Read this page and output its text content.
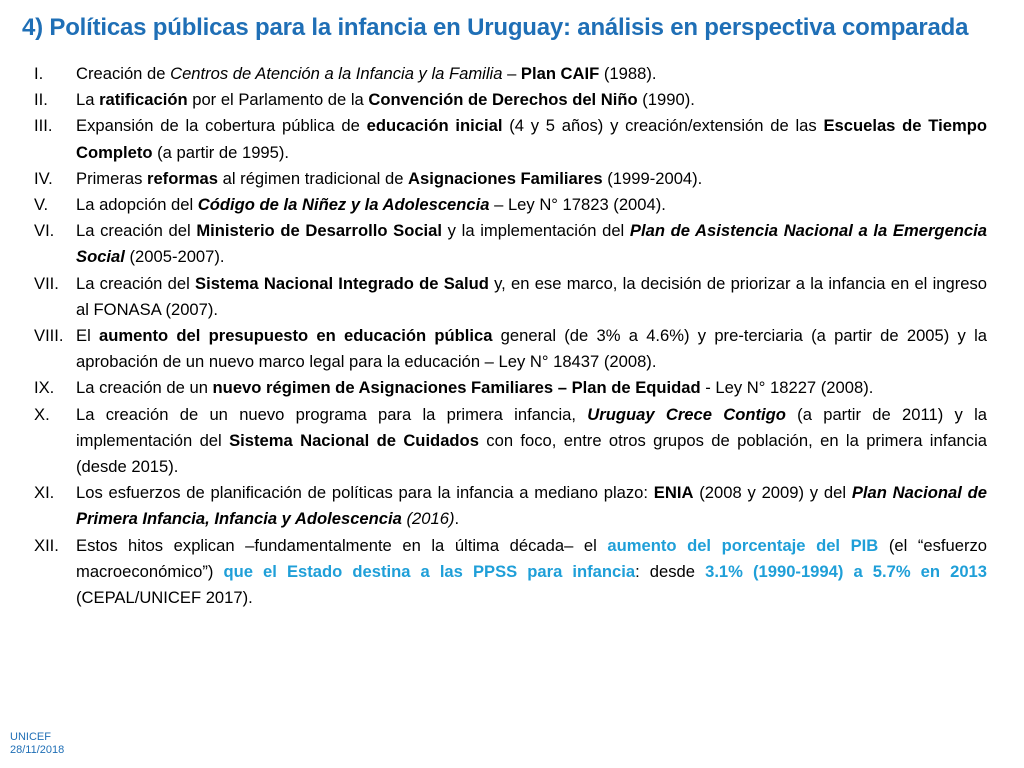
4) Políticas públicas para la infancia en Uruguay: análisis en perspectiva comparada
I.	Creación de Centros de Atención a la Infancia y la Familia – Plan CAIF (1988).
II.	La ratificación por el Parlamento de la Convención de Derechos del Niño (1990).
III.	Expansión de la cobertura pública de educación inicial (4 y 5 años) y creación/extensión de las Escuelas de Tiempo Completo (a partir de 1995).
IV.	Primeras reformas al régimen tradicional de Asignaciones Familiares (1999-2004).
V.	La adopción del Código de la Niñez y la Adolescencia – Ley N° 17823 (2004).
VI.	La creación del Ministerio de Desarrollo Social y la implementación del Plan de Asistencia Nacional a la Emergencia Social (2005-2007).
VII.	La creación del Sistema Nacional Integrado de Salud y, en ese marco, la decisión de priorizar a la infancia en el ingreso al FONASA (2007).
VIII. El aumento del presupuesto en educación pública general (de 3% a 4.6%) y pre-terciaria (a partir de 2005) y la aprobación de un nuevo marco legal para la educación – Ley N° 18437 (2008).
IX.	La creación de un nuevo régimen de Asignaciones Familiares – Plan de Equidad - Ley N° 18227 (2008).
X.	La creación de un nuevo programa para la primera infancia, Uruguay Crece Contigo (a partir de 2011) y la implementación del Sistema Nacional de Cuidados con foco, entre otros grupos de población, en la primera infancia (desde 2015).
XI.	Los esfuerzos de planificación de políticas para la infancia a mediano plazo: ENIA (2008 y 2009) y del Plan Nacional de Primera Infancia, Infancia y Adolescencia (2016).
XII.	Estos hitos explican –fundamentalmente en la última década– el aumento del porcentaje del PIB (el “esfuerzo macroeconómico”) que el Estado destina a las PPSS para infancia: desde 3.1% (1990-1994) a 5.7% en 2013 (CEPAL/UNICEF 2017).
UNICEF
28/11/2018
